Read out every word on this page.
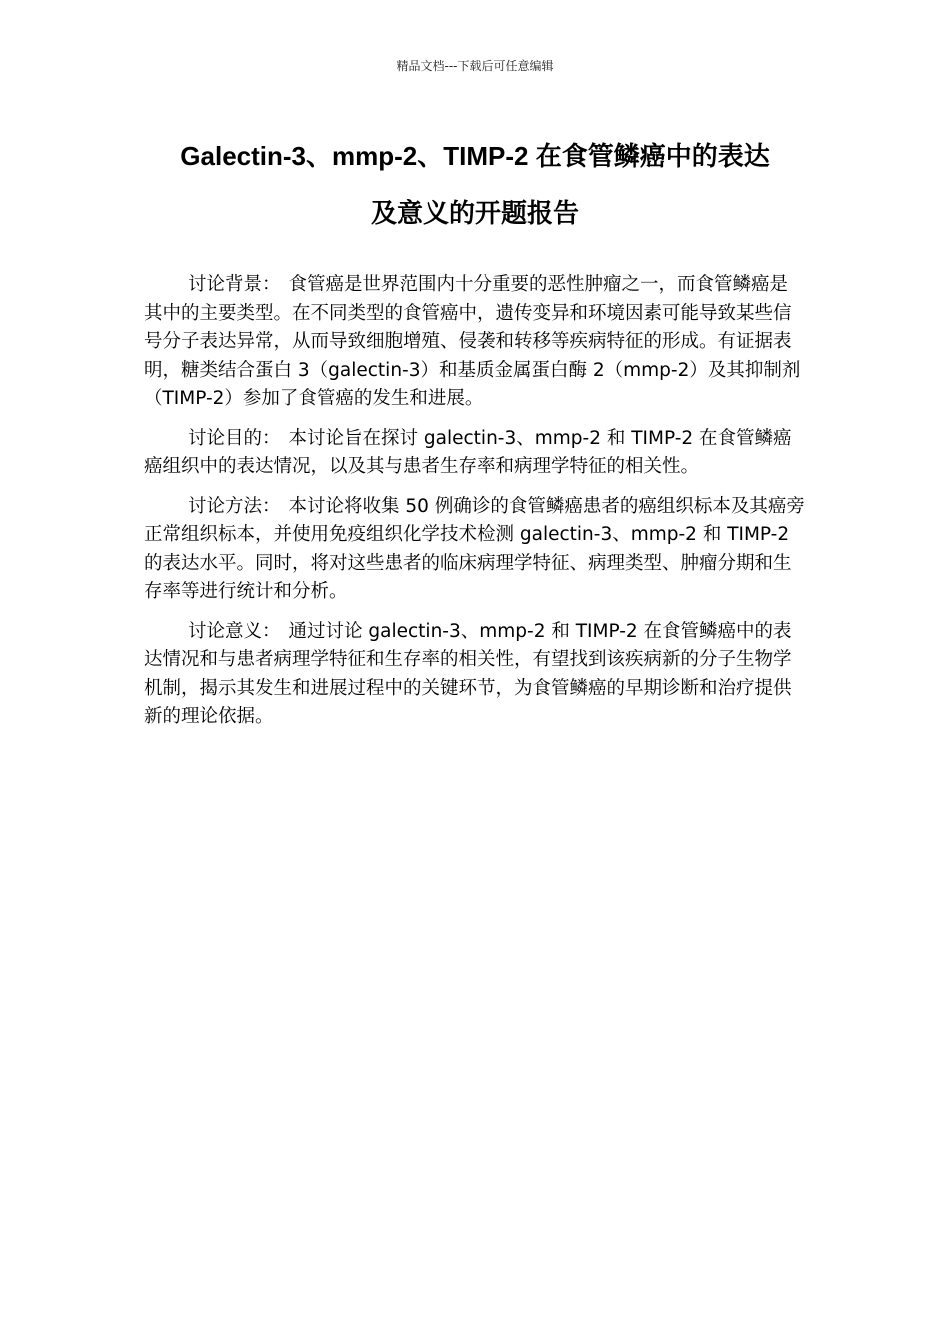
精品文档---下载后可任意编辑
Galectin-3、mmp-2、TIMP-2 在食管鳞癌中的表达
及意义的开题报告

讨论背景： 食管癌是世界范围内十分重要的恶性肿瘤之一，而食管鳞癌是其中的主要类型。在不同类型的食管癌中，遗传变异和环境因素可能导致某些信号分子表达异常，从而导致细胞增殖、侵袭和转移等疾病特征的形成。有证据表明，糖类结合蛋白 3（galectin-3）和基质金属蛋白酶 2（mmp-2）及其抑制剂（TIMP-2）参加了食管癌的发生和进展。

讨论目的： 本讨论旨在探讨 galectin-3、mmp-2 和 TIMP-2 在食管鳞癌癌组织中的表达情况，以及其与患者生存率和病理学特征的相关性。

讨论方法： 本讨论将收集 50 例确诊的食管鳞癌患者的癌组织标本及其癌旁正常组织标本，并使用免疫组织化学技术检测 galectin-3、mmp-2 和 TIMP-2 的表达水平。同时，将对这些患者的临床病理学特征、病理类型、肿瘤分期和生存率等进行统计和分析。

讨论意义： 通过讨论 galectin-3、mmp-2 和 TIMP-2 在食管鳞癌中的表达情况和与患者病理学特征和生存率的相关性，有望找到该疾病新的分子生物学机制，揭示其发生和进展过程中的关键环节，为食管鳞癌的早期诊断和治疗提供新的理论依据。
